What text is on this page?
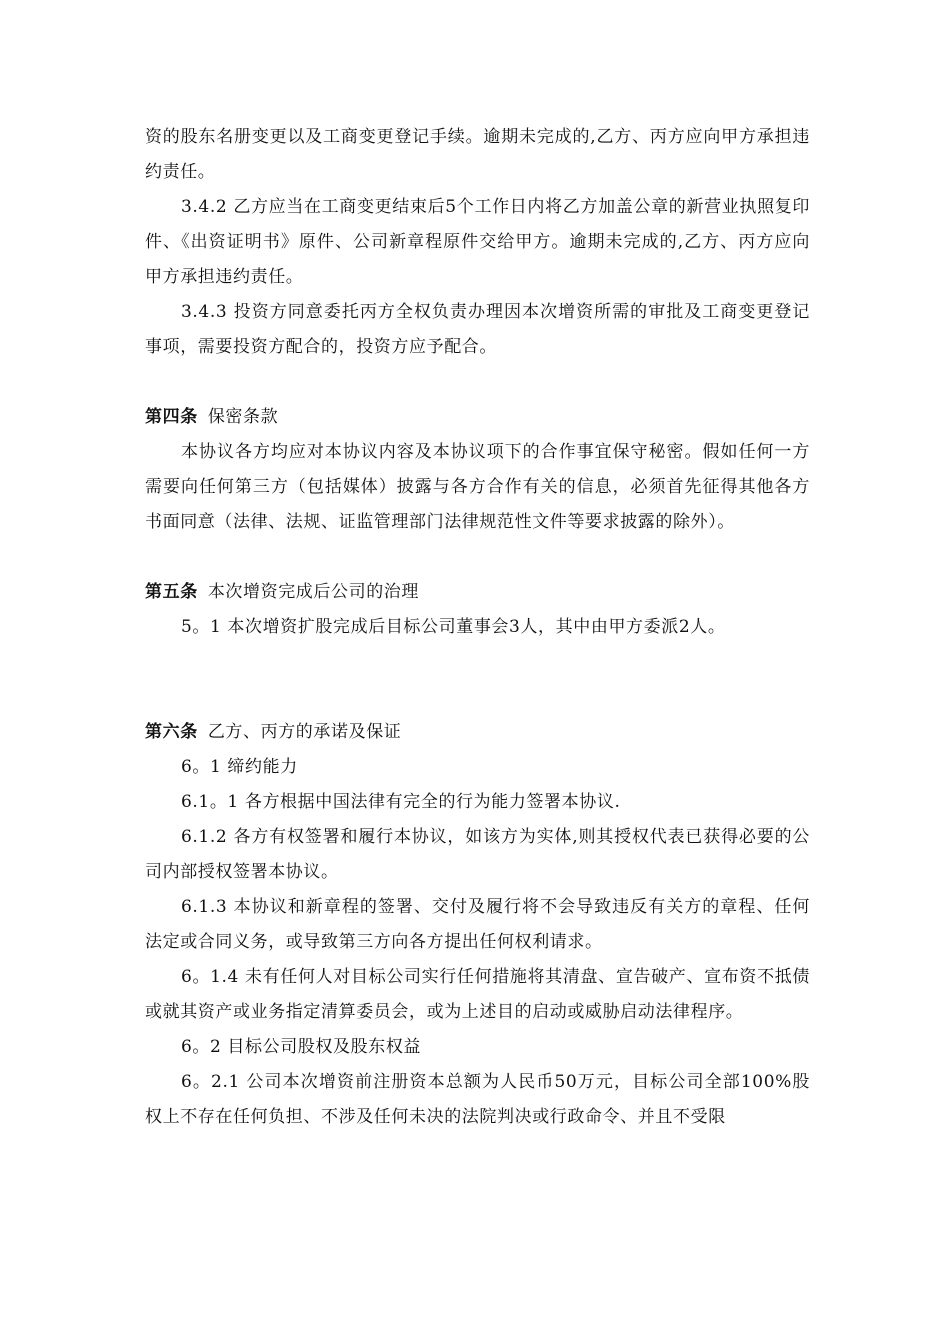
资的股东名册变更以及工商变更登记手续。逾期未完成的,乙方、丙方应向甲方承担违约责任。

3.4.2 乙方应当在工商变更结束后5个工作日内将乙方加盖公章的新营业执照复印件、《出资证明书》原件、公司新章程原件交给甲方。逾期未完成的,乙方、丙方应向甲方承担违约责任。

3.4.3 投资方同意委托丙方全权负责办理因本次增资所需的审批及工商变更登记事项，需要投资方配合的，投资方应予配合。

第四条 保密条款

本协议各方均应对本协议内容及本协议项下的合作事宜保守秘密。假如任何一方需要向任何第三方（包括媒体）披露与各方合作有关的信息，必须首先征得其他各方书面同意（法律、法规、证监管理部门法律规范性文件等要求披露的除外）。

第五条 本次增资完成后公司的治理

5。1 本次增资扩股完成后目标公司董事会3人，其中由甲方委派2人。

第六条 乙方、丙方的承诺及保证

6。1 缔约能力

6.1。1 各方根据中国法律有完全的行为能力签署本协议.

6.1.2 各方有权签署和履行本协议，如该方为实体,则其授权代表已获得必要的公司内部授权签署本协议。

6.1.3 本协议和新章程的签署、交付及履行将不会导致违反有关方的章程、任何法定或合同义务，或导致第三方向各方提出任何权利请求。

6。1.4 未有任何人对目标公司实行任何措施将其清盘、宣告破产、宣布资不抵债或就其资产或业务指定清算委员会，或为上述目的启动或威胁启动法律程序。

6。2 目标公司股权及股东权益

6。2.1 公司本次增资前注册资本总额为人民币50万元，目标公司全部100%股权上不存在任何负担、不涉及任何未决的法院判决或行政命令、并且不受限
